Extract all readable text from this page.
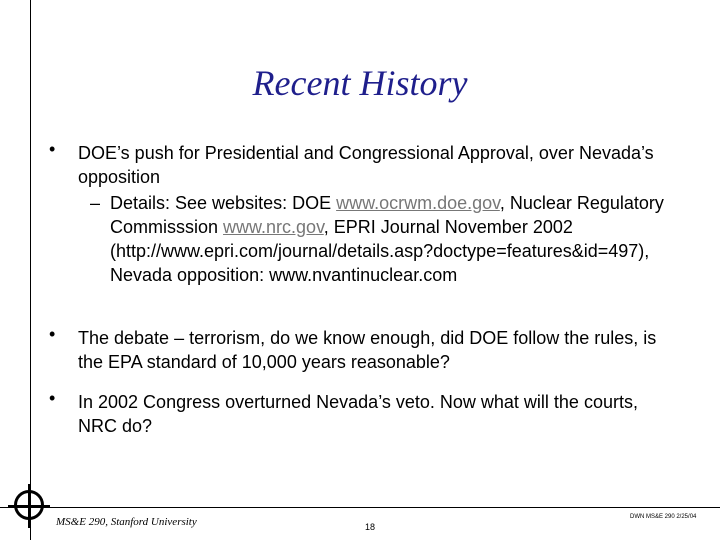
Recent History
• DOE’s push for Presidential and Congressional Approval, over Nevada’s opposition
– Details: See websites: DOE www.ocrwm.doe.gov, Nuclear Regulatory Commisssion www.nrc.gov, EPRI Journal November 2002 (http://www.epri.com/journal/details.asp?doctype=features&id=497), Nevada opposition: www.nvantinuclear.com
• The debate – terrorism, do we know enough, did DOE follow the rules, is the EPA standard of 10,000 years reasonable?
• In 2002 Congress overturned Nevada’s veto. Now what will the courts, NRC do?
MS&E 290, Stanford University	18
DWN MS&E 290 2/25/04
